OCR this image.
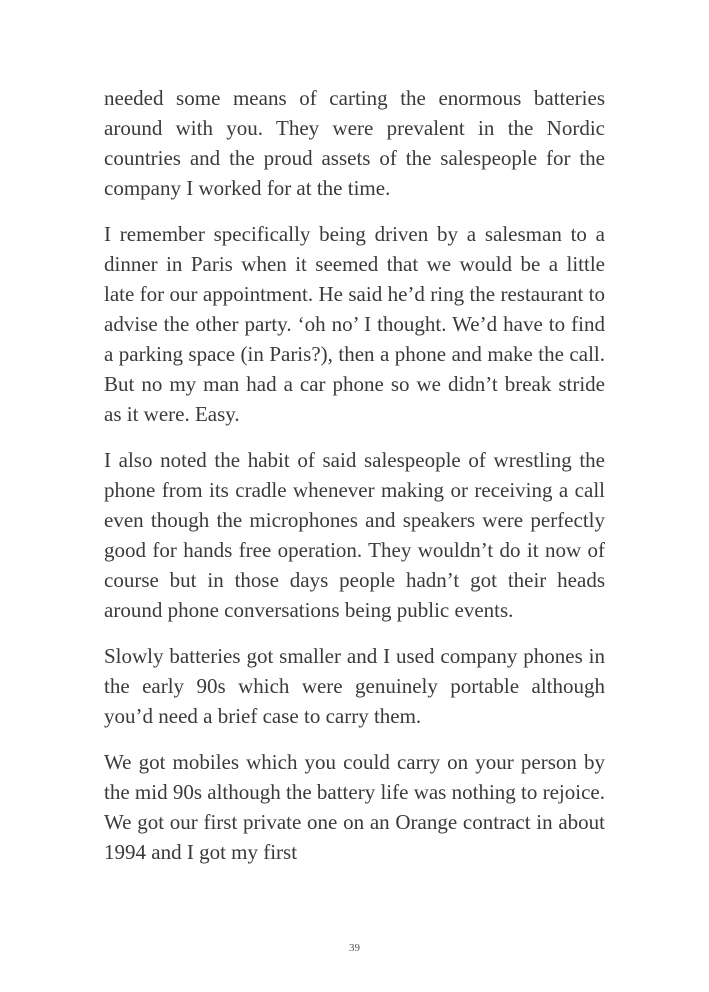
needed some means of carting the enormous batteries around with you. They were prevalent in the Nordic countries and the proud assets of the salespeople for the company I worked for at the time.

I remember specifically being driven by a salesman to a dinner in Paris when it seemed that we would be a little late for our appointment. He said he’d ring the restaurant to advise the other party. ‘oh no’ I thought. We’d have to find a parking space (in Paris?), then a phone and make the call. But no my man had a car phone so we didn’t break stride as it were. Easy.

I also noted the habit of said salespeople of wrestling the phone from its cradle whenever making or receiving a call even though the microphones and speakers were perfectly good for hands free operation. They wouldn’t do it now of course but in those days people hadn’t got their heads around phone conversations being public events.

Slowly batteries got smaller and I used company phones in the early 90s which were genuinely portable although you’d need a brief case to carry them.

We got mobiles which you could carry on your person by the mid 90s although the battery life was nothing to rejoice. We got our first private one on an Orange contract in about 1994 and I got my first

39
